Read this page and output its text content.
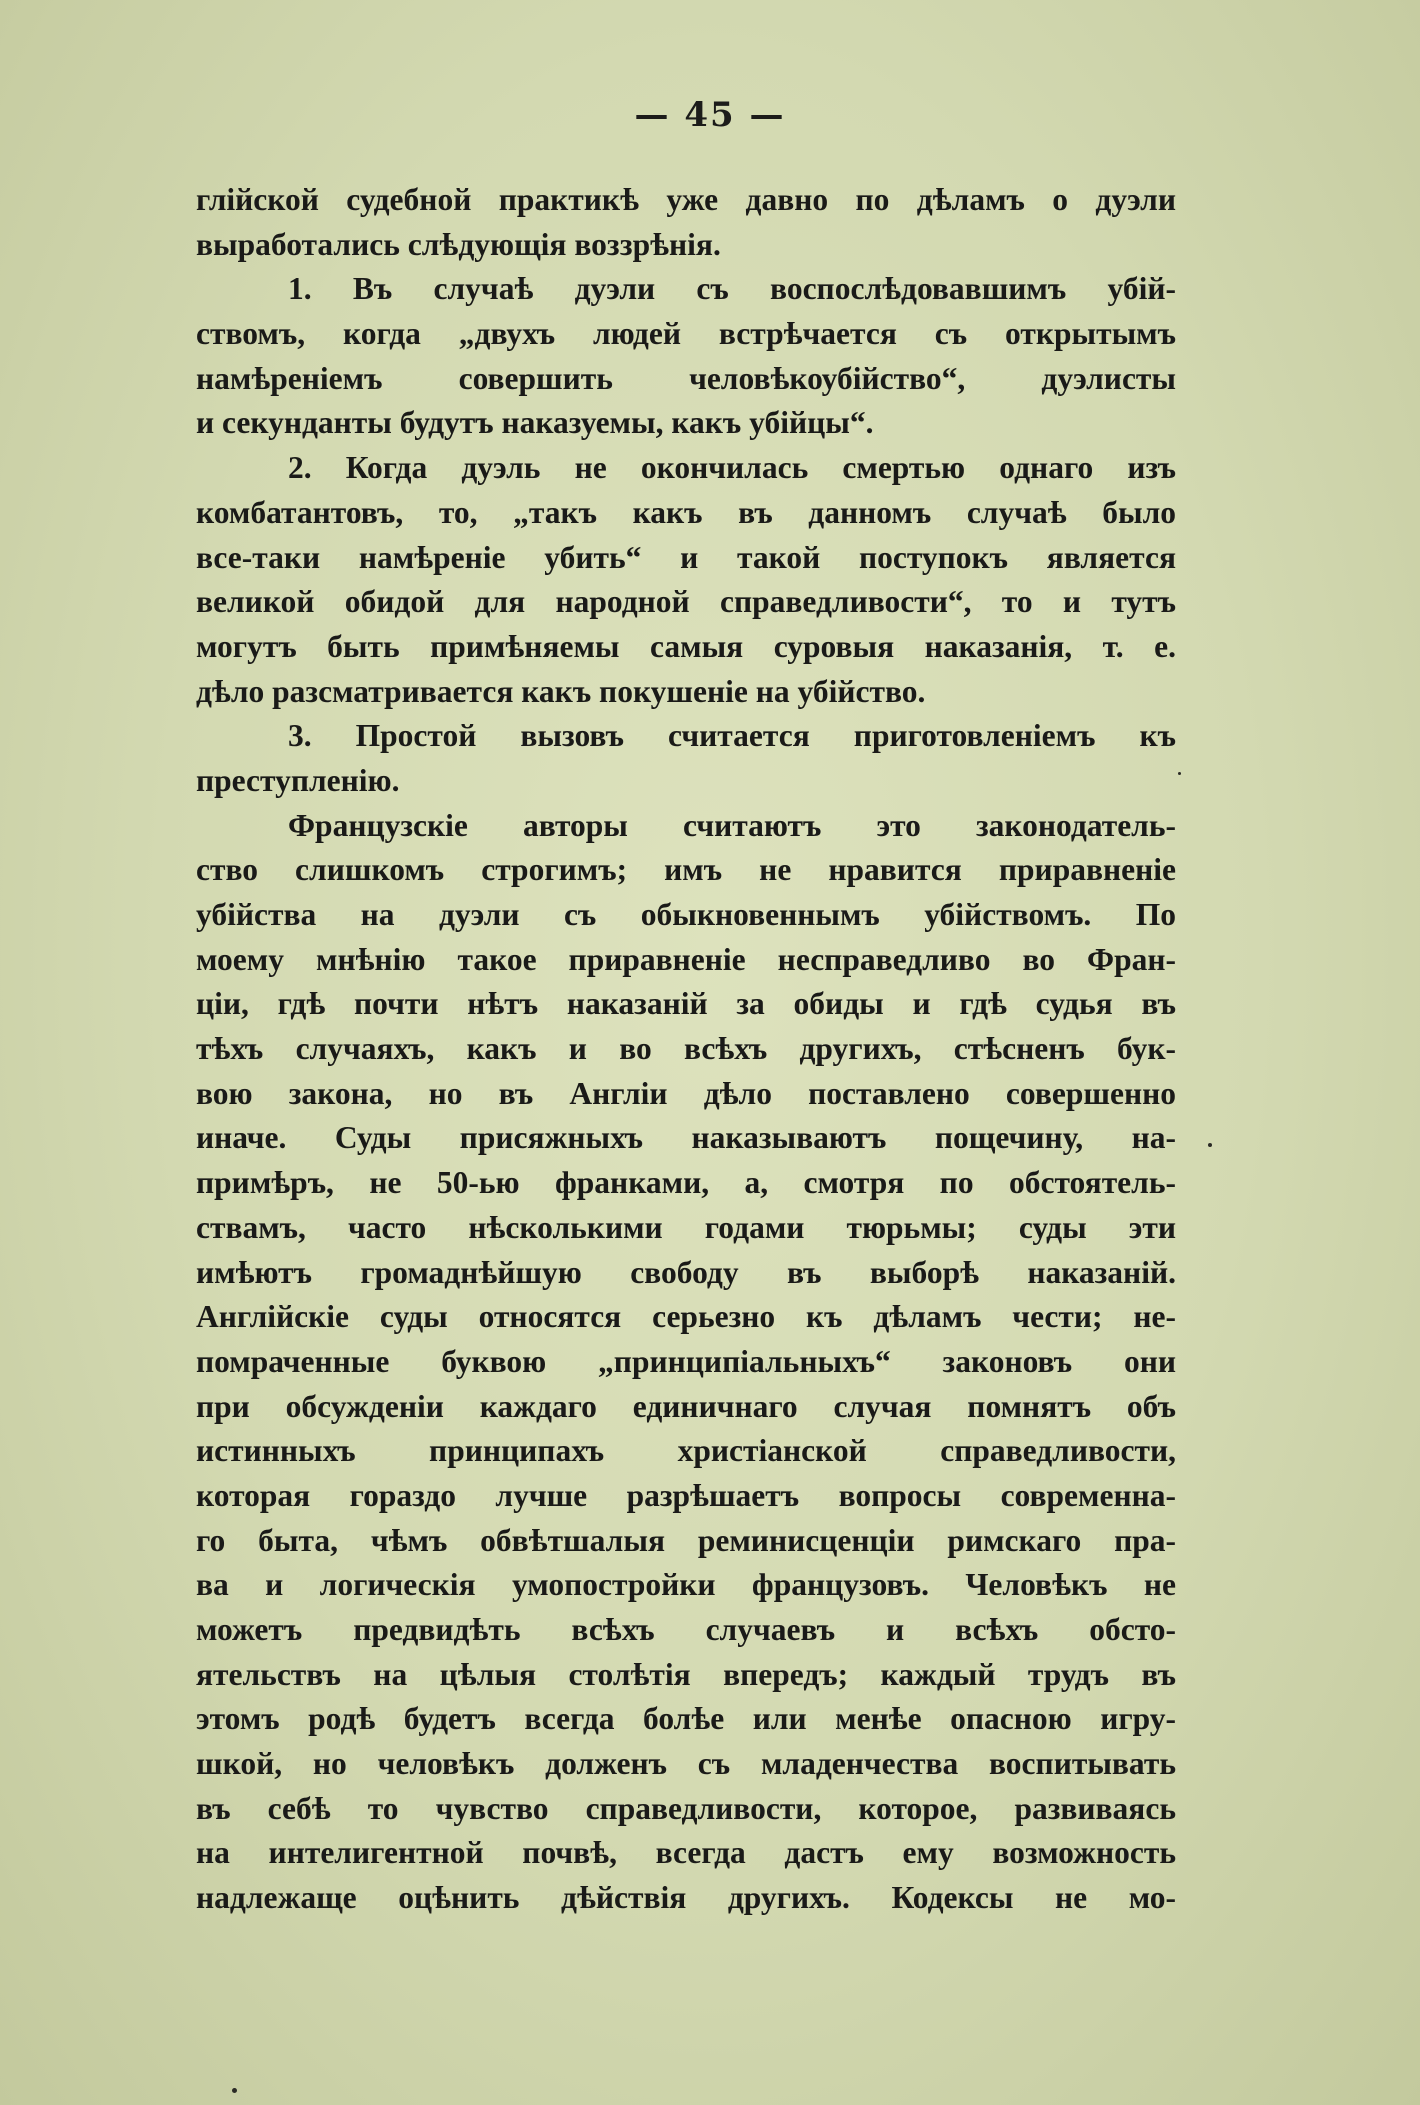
— 45 —
глійской судебной практикѣ уже давно по дѣламъ о дуэли
выработались слѣдующія воззрѣнія.
1. Въ случаѣ дуэли съ воспослѣдовавшимъ убій-
ствомъ, когда „двухъ людей встрѣчается съ открытымъ
намѣреніемъ совершить человѣкоубійство“, дуэлисты
и секунданты будутъ наказуемы, какъ убійцы“.
2. Когда дуэль не окончилась смертью однаго изъ
комбатантовъ, то, „такъ какъ въ данномъ случаѣ было
все-таки намѣреніе убить“ и такой поступокъ является
великой обидой для народной справедливости“, то и тутъ
могутъ быть примѣняемы самыя суровыя наказанія, т. е.
дѣло разсматривается какъ покушеніе на убійство.
3. Простой вызовъ считается приготовленіемъ къ
преступленію.
Французскіе авторы считаютъ это законодатель-
ство слишкомъ строгимъ; имъ не нравится приравненіе
убійства на дуэли съ обыкновеннымъ убійствомъ. По
моему мнѣнію такое приравненіе несправедливо во Фран-
ціи, гдѣ почти нѣтъ наказаній за обиды и гдѣ судья въ
тѣхъ случаяхъ, какъ и во всѣхъ другихъ, стѣсненъ бук-
вою закона, но въ Англіи дѣло поставлено совершенно
иначе. Суды присяжныхъ наказываютъ пощечину, на-
примѣръ, не 50-ью франками, а, смотря по обстоятель-
ствамъ, часто нѣсколькими годами тюрьмы; суды эти
имѣютъ громаднѣйшую свободу въ выборѣ наказаній.
Англійскіе суды относятся серьезно къ дѣламъ чести; не-
помраченные буквою „принципіальныхъ“ законовъ они
при обсужденіи каждаго единичнаго случая помнятъ объ
истинныхъ принципахъ христіанской справедливости,
которая гораздо лучше разрѣшаетъ вопросы современна-
го быта, чѣмъ обвѣтшалыя реминисценціи римскаго пра-
ва и логическія умопостройки французовъ. Человѣкъ не
можетъ предвидѣть всѣхъ случаевъ и всѣхъ обсто-
ятельствъ на цѣлыя столѣтія впередъ; каждый трудъ въ
этомъ родѣ будетъ всегда болѣе или менѣе опасною игру-
шкой, но человѣкъ долженъ съ младенчества воспитывать
въ себѣ то чувство справедливости, которое, развиваясь
на интелигентной почвѣ, всегда дастъ ему возможность
надлежаще оцѣнить дѣйствія другихъ. Кодексы не мо-
